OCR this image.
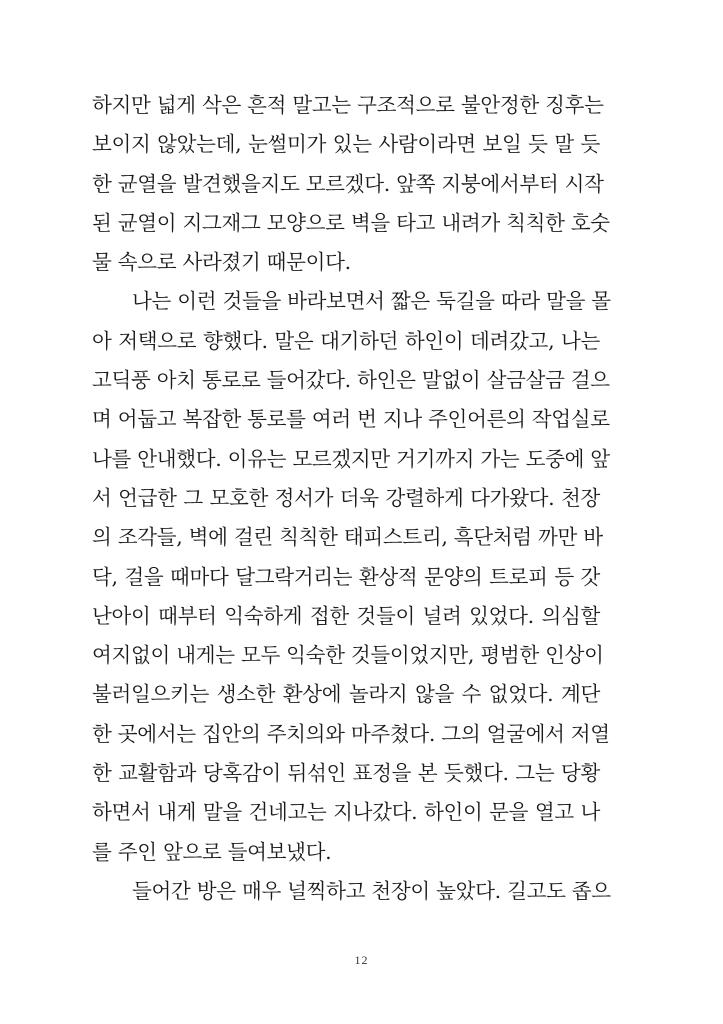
하지만 넓게 삭은 흔적 말고는 구조적으로 불안정한 징후는
보이지 않았는데, 눈썰미가 있는 사람이라면 보일 듯 말 듯
한 균열을 발견했을지도 모르겠다. 앞쪽 지붕에서부터 시작
된 균열이 지그재그 모양으로 벽을 타고 내려가 칙칙한 호숫
물 속으로 사라졌기 때문이다.
나는 이런 것들을 바라보면서 짧은 둑길을 따라 말을 몰
아 저택으로 향했다. 말은 대기하던 하인이 데려갔고, 나는
고딕풍 아치 통로로 들어갔다. 하인은 말없이 살금살금 걸으
며 어둡고 복잡한 통로를 여러 번 지나 주인어른의 작업실로
나를 안내했다. 이유는 모르겠지만 거기까지 가는 도중에 앞
서 언급한 그 모호한 정서가 더욱 강렬하게 다가왔다. 천장
의 조각들, 벽에 걸린 칙칙한 태피스트리, 흑단처럼 까만 바
닥, 걸을 때마다 달그락거리는 환상적 문양의 트로피 등 갓
난아이 때부터 익숙하게 접한 것들이 널려 있었다. 의심할
여지없이 내게는 모두 익숙한 것들이었지만, 평범한 인상이
불러일으키는 생소한 환상에 놀라지 않을 수 없었다. 계단
한 곳에서는 집안의 주치의와 마주쳤다. 그의 얼굴에서 저열
한 교활함과 당혹감이 뒤섞인 표정을 본 듯했다. 그는 당황
하면서 내게 말을 건네고는 지나갔다. 하인이 문을 열고 나
를 주인 앞으로 들여보냈다.
들어간 방은 매우 널찍하고 천장이 높았다. 길고도 좁으
12
